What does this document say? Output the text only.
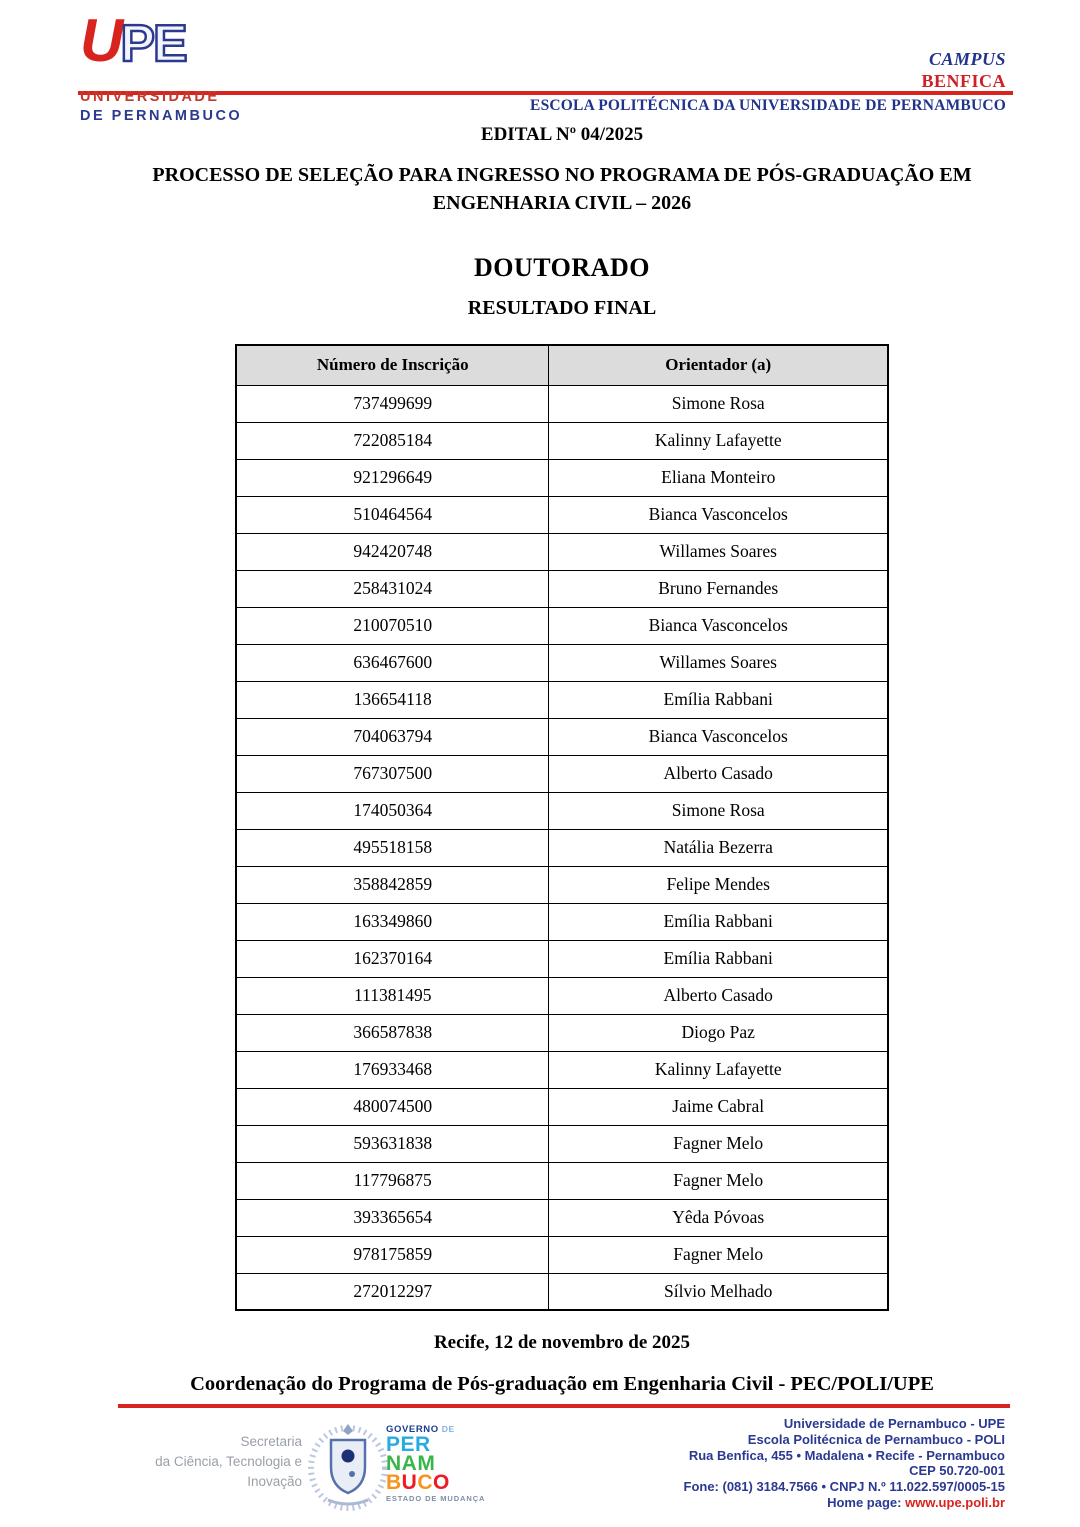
UPE
UNIVERSIDADE
DE PERNAMBUCO
CAMPUS
BENFICA
ESCOLA POLITÉCNICA DA UNIVERSIDADE DE PERNAMBUCO
EDITAL Nº 04/2025
PROCESSO DE SELEÇÃO PARA INGRESSO NO PROGRAMA DE PÓS-GRADUAÇÃO EM
ENGENHARIA CIVIL – 2026
DOUTORADO
RESULTADO FINAL
Número de Inscrição	Orientador (a)
737499699	Simone Rosa
722085184	Kalinny Lafayette
921296649	Eliana Monteiro
510464564	Bianca Vasconcelos
942420748	Willames Soares
258431024	Bruno Fernandes
210070510	Bianca Vasconcelos
636467600	Willames Soares
136654118	Emília Rabbani
704063794	Bianca Vasconcelos
767307500	Alberto Casado
174050364	Simone Rosa
495518158	Natália Bezerra
358842859	Felipe Mendes
163349860	Emília Rabbani
162370164	Emília Rabbani
111381495	Alberto Casado
366587838	Diogo Paz
176933468	Kalinny Lafayette
480074500	Jaime Cabral
593631838	Fagner Melo
117796875	Fagner Melo
393365654	Yêda Póvoas
978175859	Fagner Melo
272012297	Sílvio Melhado
Recife, 12 de novembro de 2025
Coordenação do Programa de Pós-graduação em Engenharia Civil - PEC/POLI/UPE
Secretaria
da Ciência, Tecnologia e
Inovação
GOVERNO DE
PER
NAM
BUCO
ESTADO DE MUDANÇA
Universidade de Pernambuco - UPE
Escola Politécnica de Pernambuco - POLI
Rua Benfica, 455 • Madalena • Recife - Pernambuco
CEP 50.720-001
Fone: (081) 3184.7566 • CNPJ N.º 11.022.597/0005-15
Home page: www.upe.poli.br
